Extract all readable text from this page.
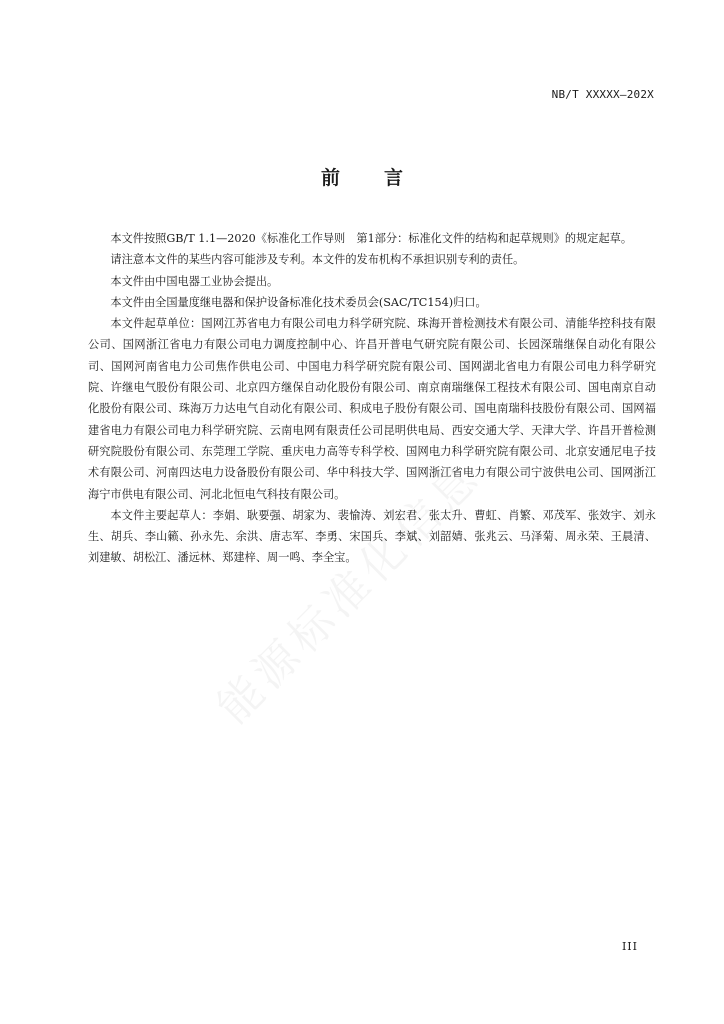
NB/T XXXXX—202X
前 言

本文件按照GB/T 1.1—2020《标准化工作导则　第1部分：标准化文件的结构和起草规则》的规定起草。

请注意本文件的某些内容可能涉及专利。本文件的发布机构不承担识别专利的责任。

本文件由中国电器工业协会提出。

本文件由全国量度继电器和保护设备标准化技术委员会(SAC/TC154)归口。

本文件起草单位：国网江苏省电力有限公司电力科学研究院、珠海开普检测技术有限公司、清能华控科技有限公司、国网浙江省电力有限公司电力调度控制中心、许昌开普电气研究院有限公司、长园深瑞继保自动化有限公司、国网河南省电力公司焦作供电公司、中国电力科学研究院有限公司、国网湖北省电力有限公司电力科学研究院、许继电气股份有限公司、北京四方继保自动化股份有限公司、南京南瑞继保工程技术有限公司、国电南京自动化股份有限公司、珠海万力达电气自动化有限公司、积成电子股份有限公司、国电南瑞科技股份有限公司、国网福建省电力有限公司电力科学研究院、云南电网有限责任公司昆明供电局、西安交通大学、天津大学、许昌开普检测研究院股份有限公司、东莞理工学院、重庆电力高等专科学校、国网电力科学研究院有限公司、北京安通尼电子技术有限公司、河南四达电力设备股份有限公司、华中科技大学、国网浙江省电力有限公司宁波供电公司、国网浙江海宁市供电有限公司、河北北恒电气科技有限公司。

本文件主要起草人：李娟、耿要强、胡家为、裴愉涛、刘宏君、张太升、曹虹、肖繁、邓茂军、张效宇、刘永生、胡兵、李山籁、孙永先、余洪、唐志军、李勇、宋国兵、李斌、刘韶婧、张兆云、马泽菊、周永荣、王晨清、刘建敏、胡松江、潘远林、郑建梓、周一鸣、李全宝。

III
